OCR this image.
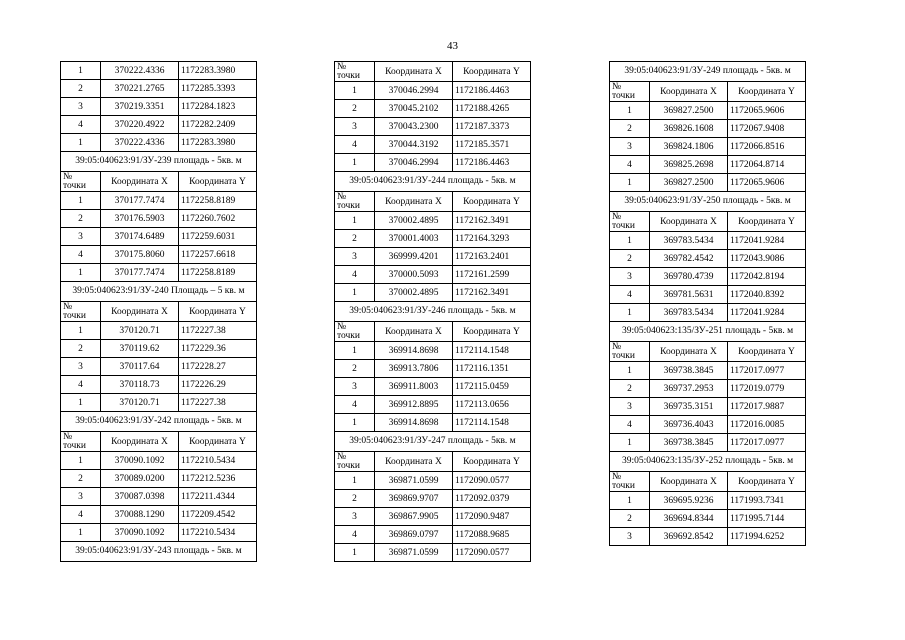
43
1	370222.4336	1172283.3980
2	370221.2765	1172285.3393
3	370219.3351	1172284.1823
4	370220.4922	1172282.2409
1	370222.4336	1172283.3980
39:05:040623:91/ЗУ-239 площадь - 5кв. м		

№
точки	Координата X	Координата Y
1	370177.7474	1172258.8189
2	370176.5903	1172260.7602
3	370174.6489	1172259.6031
4	370175.8060	1172257.6618
1	370177.7474	1172258.8189
39:05:040623:91/ЗУ-240 Площадь – 5 кв. м		

№
точки	Координата X	Координата Y
1	370120.71	1172227.38
2	370119.62	1172229.36
3	370117.64	1172228.27
4	370118.73	1172226.29
1	370120.71	1172227.38
39:05:040623:91/ЗУ-242 площадь - 5кв. м		

№
точки	Координата X	Координата Y
1	370090.1092	1172210.5434
2	370089.0200	1172212.5236
3	370087.0398	1172211.4344
4	370088.1290	1172209.4542
1	370090.1092	1172210.5434
39:05:040623:91/ЗУ-243 площадь - 5кв. м		
№
точки	Координата X	Координата Y
1	370046.2994	1172186.4463
2	370045.2102	1172188.4265
3	370043.2300	1172187.3373
4	370044.3192	1172185.3571
1	370046.2994	1172186.4463
39:05:040623:91/ЗУ-244 площадь - 5кв. м		

№
точки	Координата X	Координата Y
1	370002.4895	1172162.3491
2	370001.4003	1172164.3293
3	369999.4201	1172163.2401
4	370000.5093	1172161.2599
1	370002.4895	1172162.3491
39:05:040623:91/ЗУ-246 площадь - 5кв. м		

№
точки	Координата X	Координата Y
1	369914.8698	1172114.1548
2	369913.7806	1172116.1351
3	369911.8003	1172115.0459
4	369912.8895	1172113.0656
1	369914.8698	1172114.1548
39:05:040623:91/ЗУ-247 площадь - 5кв. м		

№
точки	Координата X	Координата Y
1	369871.0599	1172090.0577
2	369869.9707	1172092.0379
3	369867.9905	1172090.9487
4	369869.0797	1172088.9685
1	369871.0599	1172090.0577
39:05:040623:91/ЗУ-249 площадь - 5кв. м		

№
точки	Координата X	Координата Y
1	369827.2500	1172065.9606
2	369826.1608	1172067.9408
3	369824.1806	1172066.8516
4	369825.2698	1172064.8714
1	369827.2500	1172065.9606
39:05:040623:91/ЗУ-250 площадь - 5кв. м		

№
точки	Координата X	Координата Y
1	369783.5434	1172041.9284
2	369782.4542	1172043.9086
3	369780.4739	1172042.8194
4	369781.5631	1172040.8392
1	369783.5434	1172041.9284
39:05:040623:135/ЗУ-251 площадь - 5кв. м		

№
точки	Координата X	Координата Y
1	369738.3845	1172017.0977
2	369737.2953	1172019.0779
3	369735.3151	1172017.9887
4	369736.4043	1172016.0085
1	369738.3845	1172017.0977
39:05:040623:135/ЗУ-252 площадь - 5кв. м		

№
точки	Координата X	Координата Y
1	369695.9236	1171993.7341
2	369694.8344	1171995.7144
3	369692.8542	1171994.6252
